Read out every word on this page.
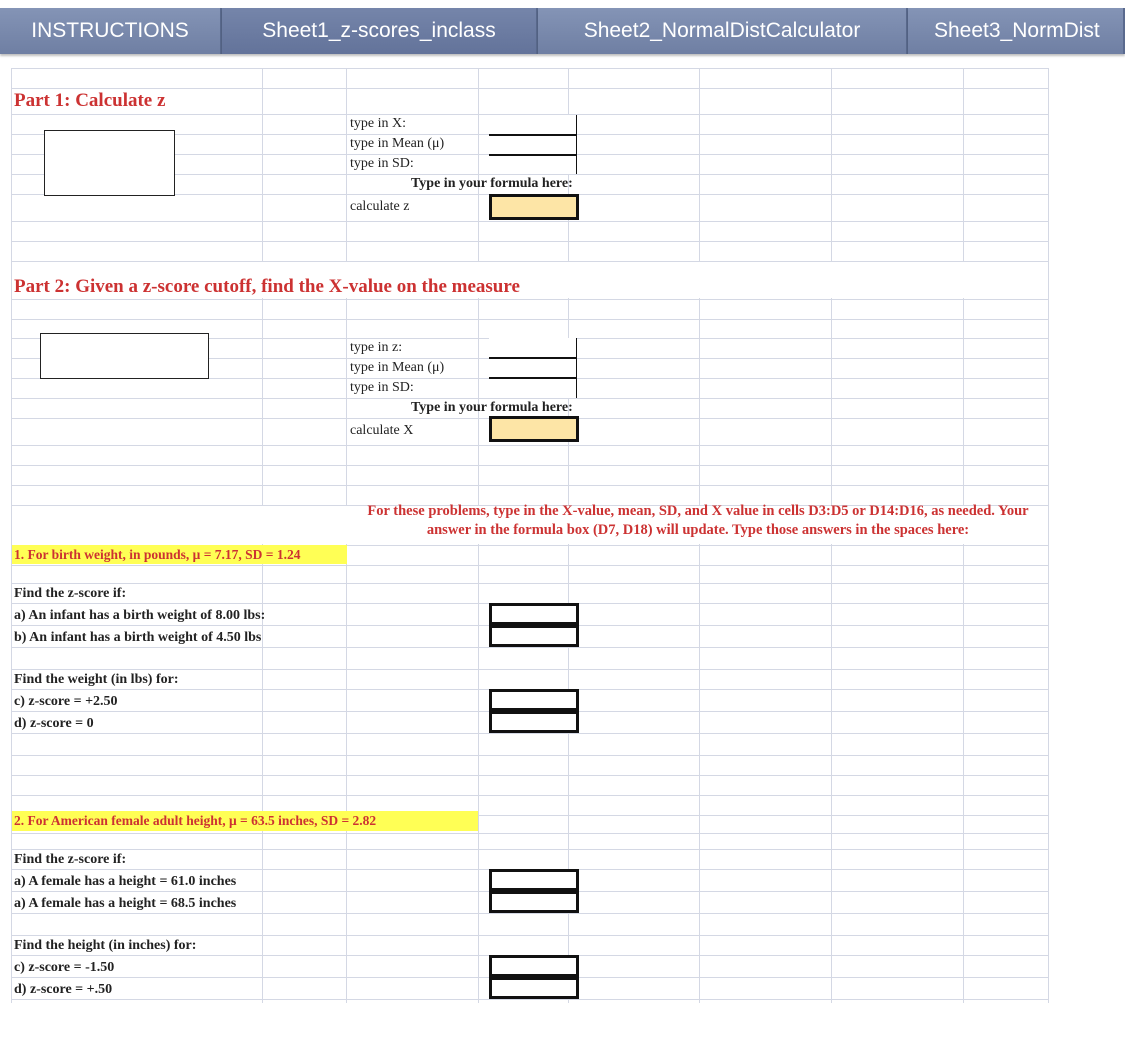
INSTRUCTIONS	Sheet1_z-scores_inclass	Sheet2_NormalDistCalculator	Sheet3_NormDist
Part 1: Calculate z
type in X:
type in Mean (μ)
type in SD:
Type in your formula here:
calculate z
Part 2: Given a z-score cutoff, find the X-value on the measure
type in z:
type in Mean (μ)
type in SD:
Type in your formula here:
calculate X
For these problems, type in the X-value, mean, SD, and X value in cells D3:D5 or D14:D16, as needed. Your answer in the formula box (D7, D18) will update. Type those answers in the spaces here:
1. For birth weight, in pounds, μ = 7.17, SD = 1.24
Find the z-score if:
a) An infant has a birth weight of 8.00 lbs:
b) An infant has a birth weight of 4.50 lbs
Find the weight (in lbs) for:
c) z-score = +2.50
d) z-score = 0
2. For American female adult height, μ = 63.5 inches, SD = 2.82
Find the z-score if:
a) A female has a height = 61.0 inches
a) A female has a height = 68.5 inches
Find the height (in inches) for:
c) z-score = -1.50
d) z-score = +.50
